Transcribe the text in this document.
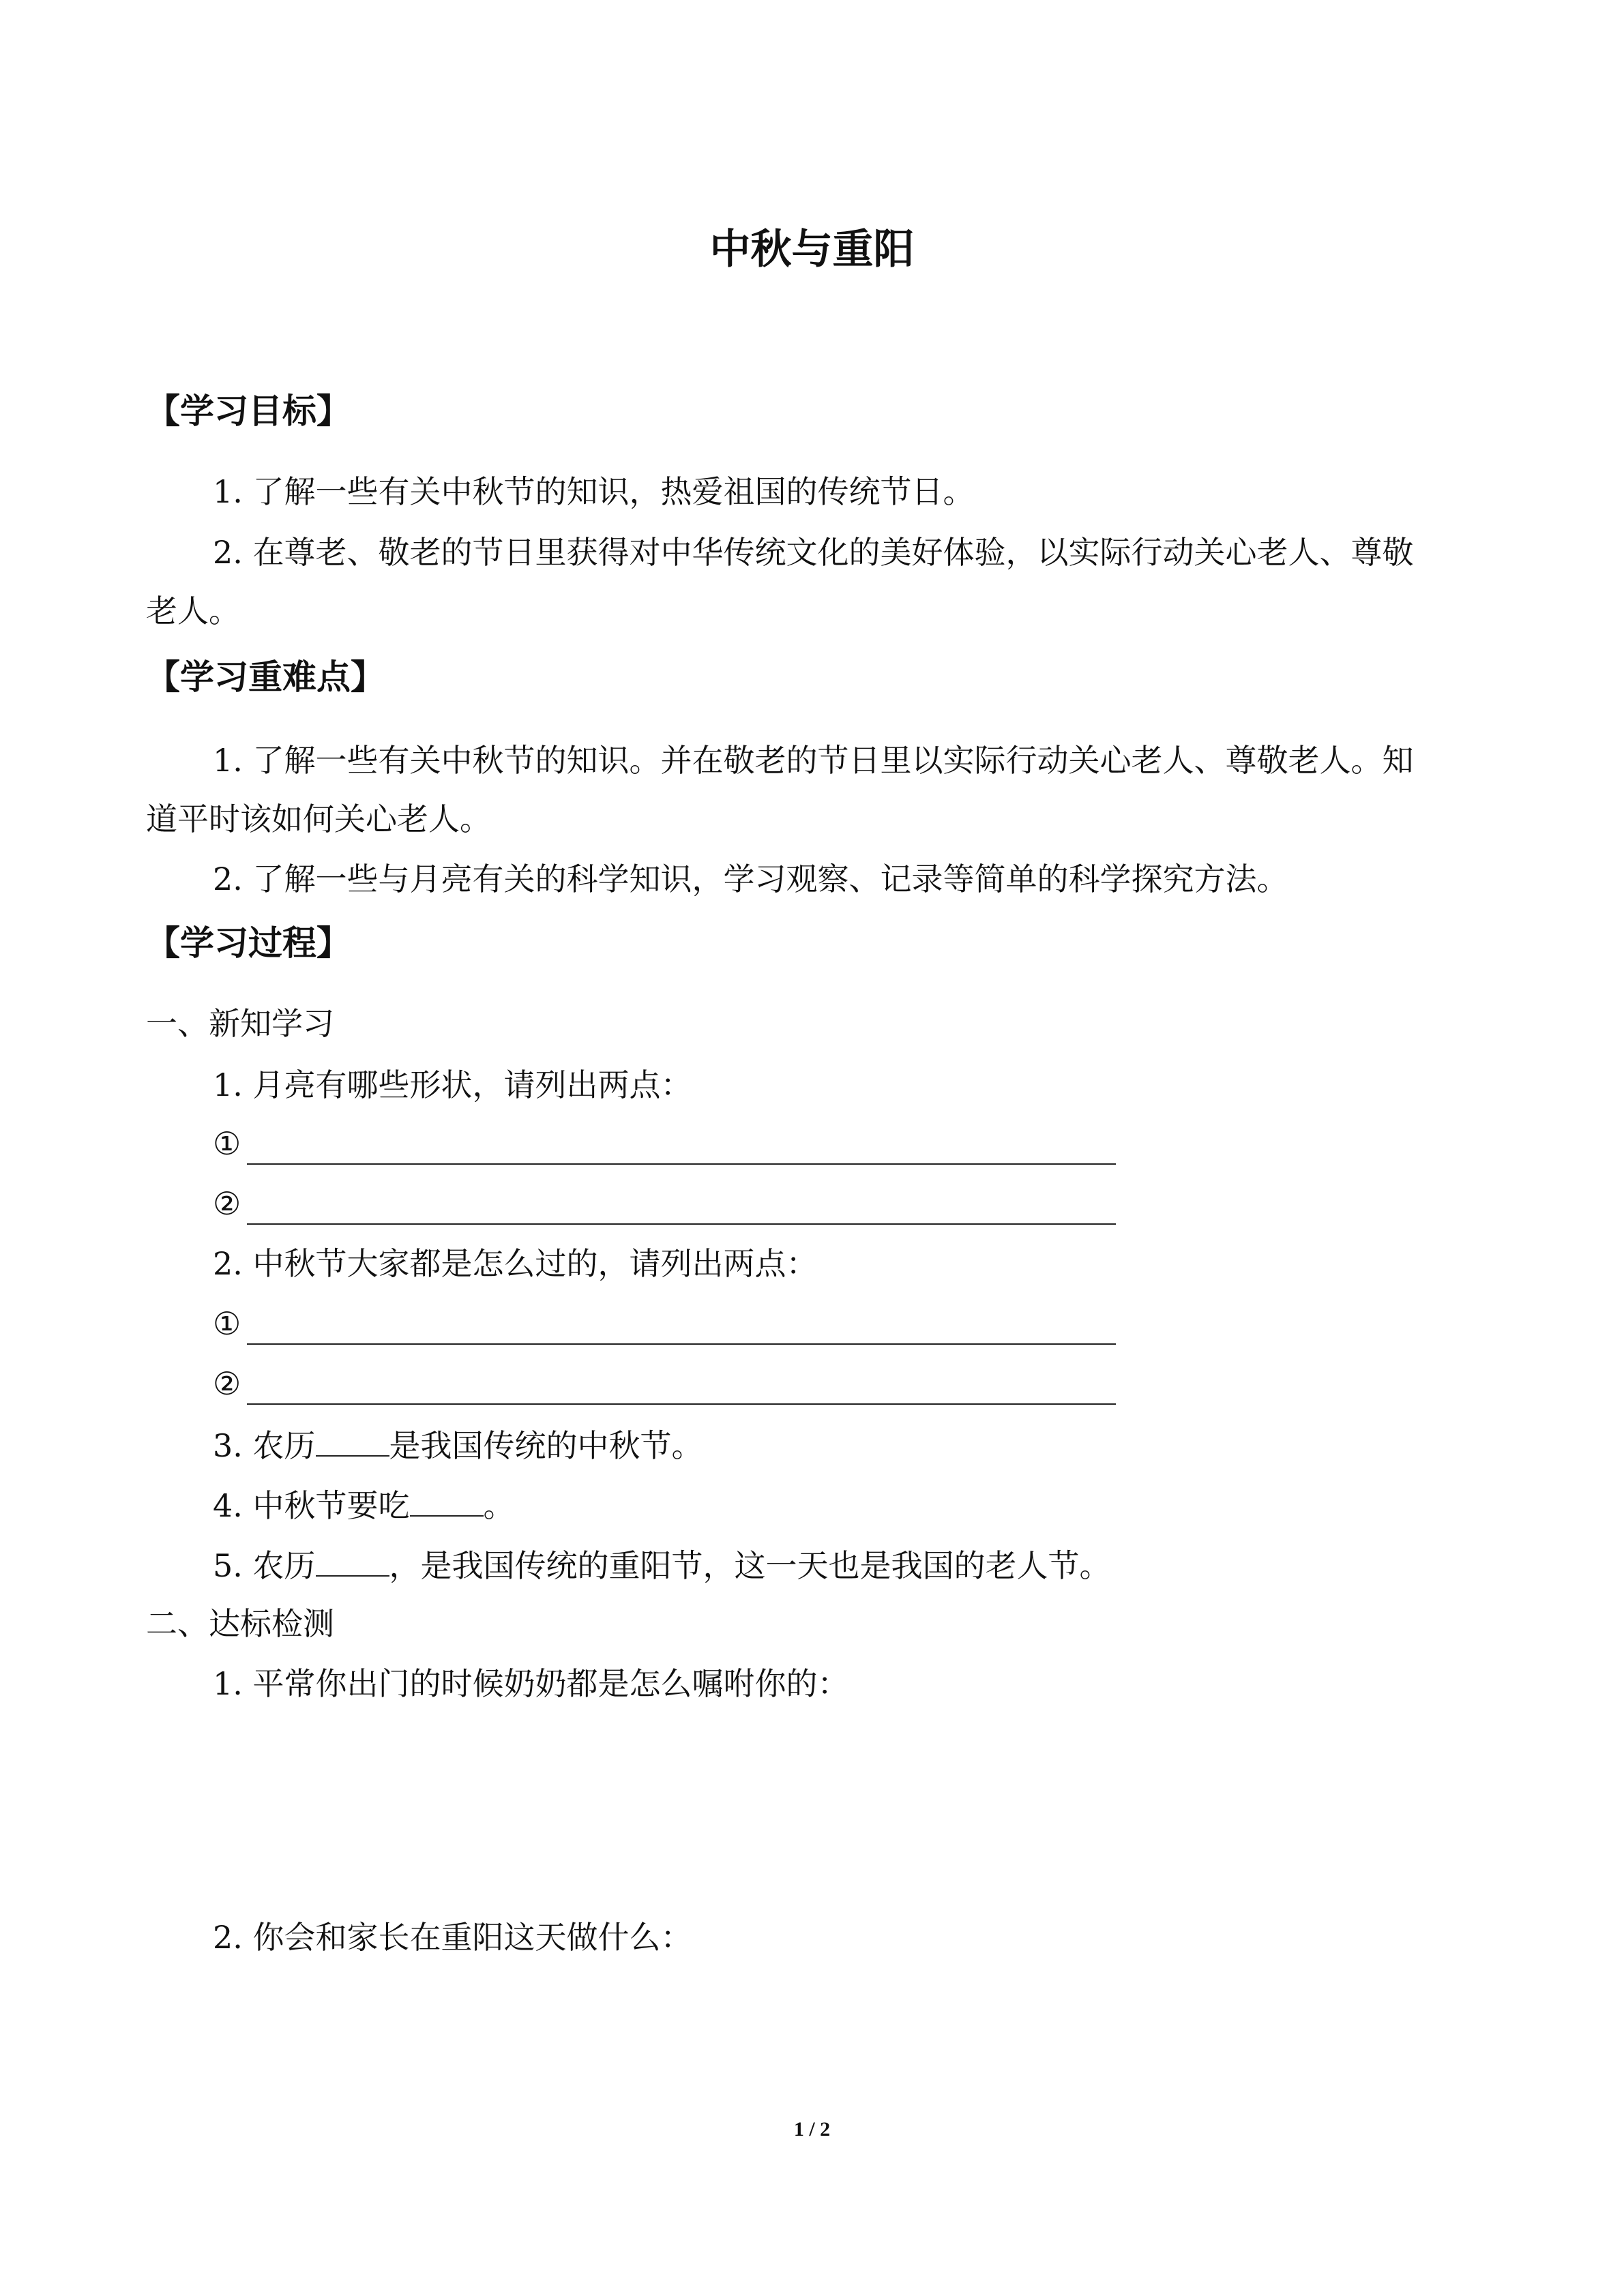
中秋与重阳
【学习目标】
1. 了解一些有关中秋节的知识，热爱祖国的传统节日。
2. 在尊老、敬老的节日里获得对中华传统文化的美好体验，以实际行动关心老人、尊敬
老人。
【学习重难点】
1. 了解一些有关中秋节的知识。并在敬老的节日里以实际行动关心老人、尊敬老人。知
道平时该如何关心老人。
2. 了解一些与月亮有关的科学知识，学习观察、记录等简单的科学探究方法。
【学习过程】
一、新知学习
1. 月亮有哪些形状，请列出两点：
①
②
2. 中秋节大家都是怎么过的，请列出两点：
①
②
3. 农历 是我国传统的中秋节。
4. 中秋节要吃 。
5. 农历 ，是我国传统的重阳节，这一天也是我国的老人节。
二、达标检测
1. 平常你出门的时候奶奶都是怎么嘱咐你的：
2. 你会和家长在重阳这天做什么：
1 / 2
